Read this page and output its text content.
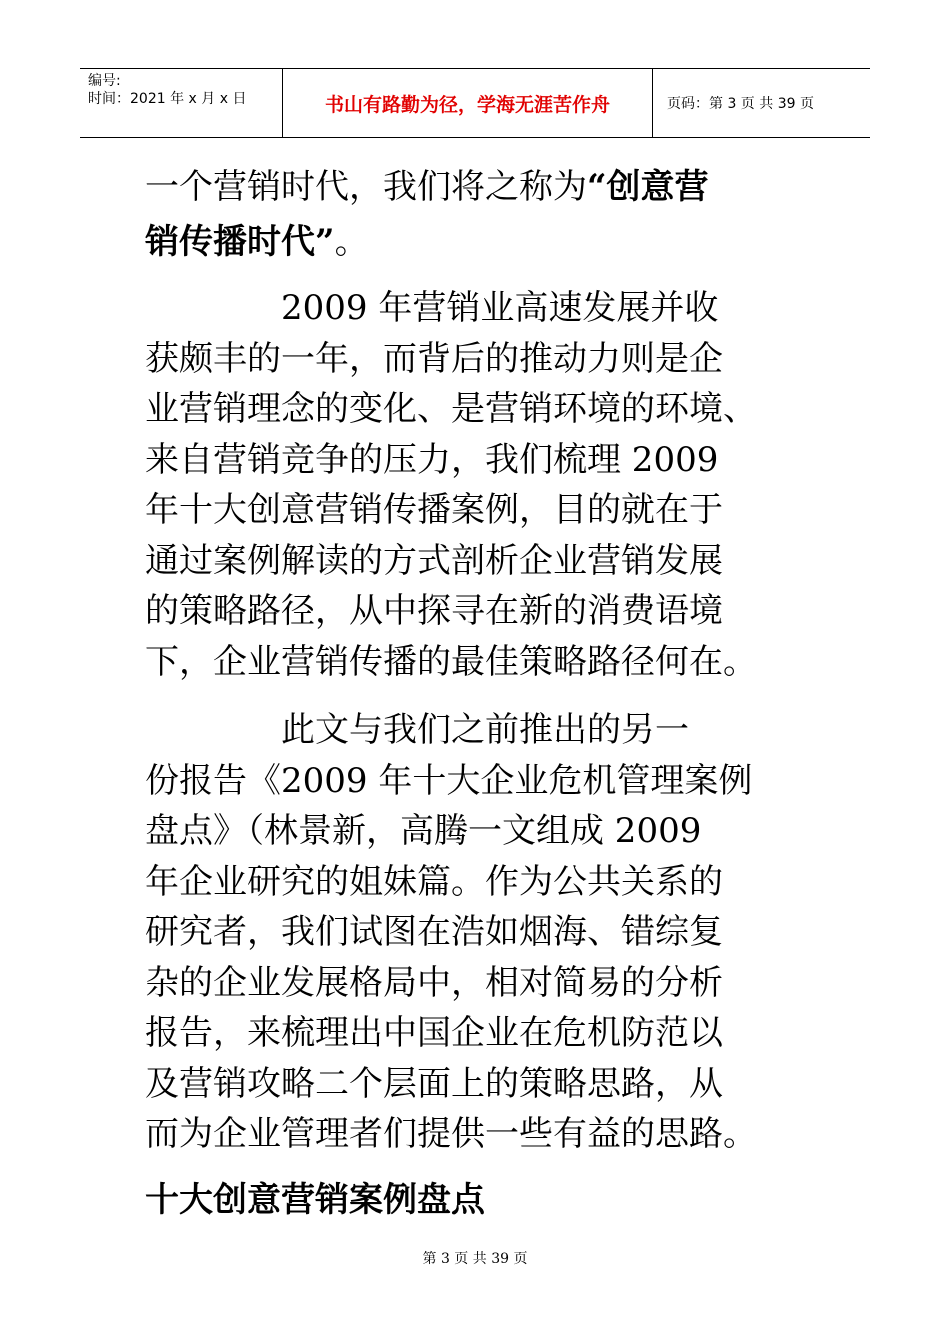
编号:
时间：2021 年 x 月 x 日	书山有路勤为径，学海无涯苦作舟	页码：第 3 页 共 39 页
一个营销时代，我们将之称为“创意营
销传播时代”。
　　　　2009 年营销业高速发展并收
获颇丰的一年，而背后的推动力则是企
业营销理念的变化、是营销环境的环境、
来自营销竞争的压力，我们梳理 2009
年十大创意营销传播案例，目的就在于
通过案例解读的方式剖析企业营销发展
的策略路径，从中探寻在新的消费语境
下，企业营销传播的最佳策略路径何在。
　　　　此文与我们之前推出的另一
份报告《2009 年十大企业危机管理案例
盘点》（林景新，高腾一文组成 2009
年企业研究的姐妹篇。作为公共关系的
研究者，我们试图在浩如烟海、错综复
杂的企业发展格局中，相对简易的分析
报告，来梳理出中国企业在危机防范以
及营销攻略二个层面上的策略思路，从
而为企业管理者们提供一些有益的思路。
十大创意营销案例盘点
第 3 页 共 39 页
